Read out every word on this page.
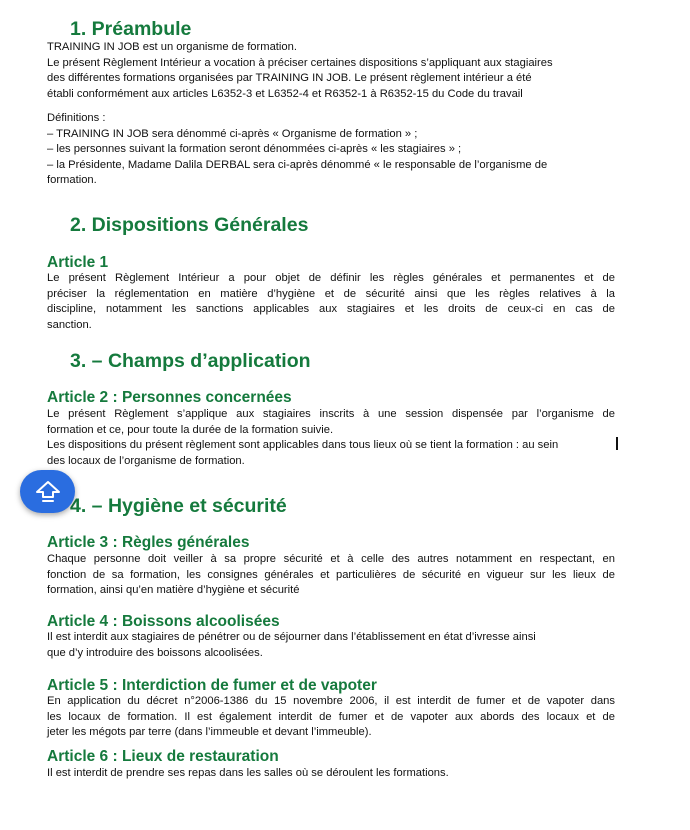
1. Préambule
TRAINING IN JOB est un organisme de formation.
Le présent Règlement Intérieur a vocation à préciser certaines dispositions s’appliquant aux stagiaires
des différentes formations organisées par TRAINING IN JOB. Le présent règlement intérieur a été
établi conformément aux articles L6352-3 et L6352-4 et R6352-1 à R6352-15 du Code du travail
Définitions :
– TRAINING IN JOB sera dénommé ci-après « Organisme de formation » ;
– les personnes suivant la formation seront dénommées ci-après « les stagiaires » ;
– la Présidente, Madame Dalila DERBAL sera ci-après dénommé « le responsable de l’organisme de
formation.
2. Dispositions Générales
Article 1
Le présent Règlement Intérieur a pour objet de définir les règles générales et permanentes et de
préciser la réglementation en matière d’hygiène et de sécurité ainsi que les règles relatives à la
discipline, notamment les sanctions applicables aux stagiaires et les droits de ceux-ci en cas de
sanction.
3. – Champs d’application
Article 2 : Personnes concernées
Le présent Règlement s’applique aux stagiaires inscrits à une session dispensée par l’organisme de
formation et ce, pour toute la durée de la formation suivie.
Les dispositions du présent règlement sont applicables dans tous lieux où se tient la formation : au sein
des locaux de l’organisme de formation.
4. – Hygiène et sécurité
Article 3 : Règles générales
Chaque personne doit veiller à sa propre sécurité et à celle des autres notamment en respectant, en
fonction de sa formation, les consignes générales et particulières de sécurité en vigueur sur les lieux de
formation, ainsi qu’en matière d’hygiène et sécurité
Article 4 : Boissons alcoolisées
Il est interdit aux stagiaires de pénétrer ou de séjourner dans l’établissement en état d’ivresse ainsi
que d’y introduire des boissons alcoolisées.
Article 5 : Interdiction de fumer et de vapoter
En application du décret n°2006-1386 du 15 novembre 2006, il est interdit de fumer et de vapoter dans
les locaux de formation. Il est également interdit de fumer et de vapoter aux abords des locaux et de
jeter les mégots par terre (dans l’immeuble et devant l’immeuble).
Article 6 : Lieux de restauration
Il est interdit de prendre ses repas dans les salles où se déroulent les formations.
